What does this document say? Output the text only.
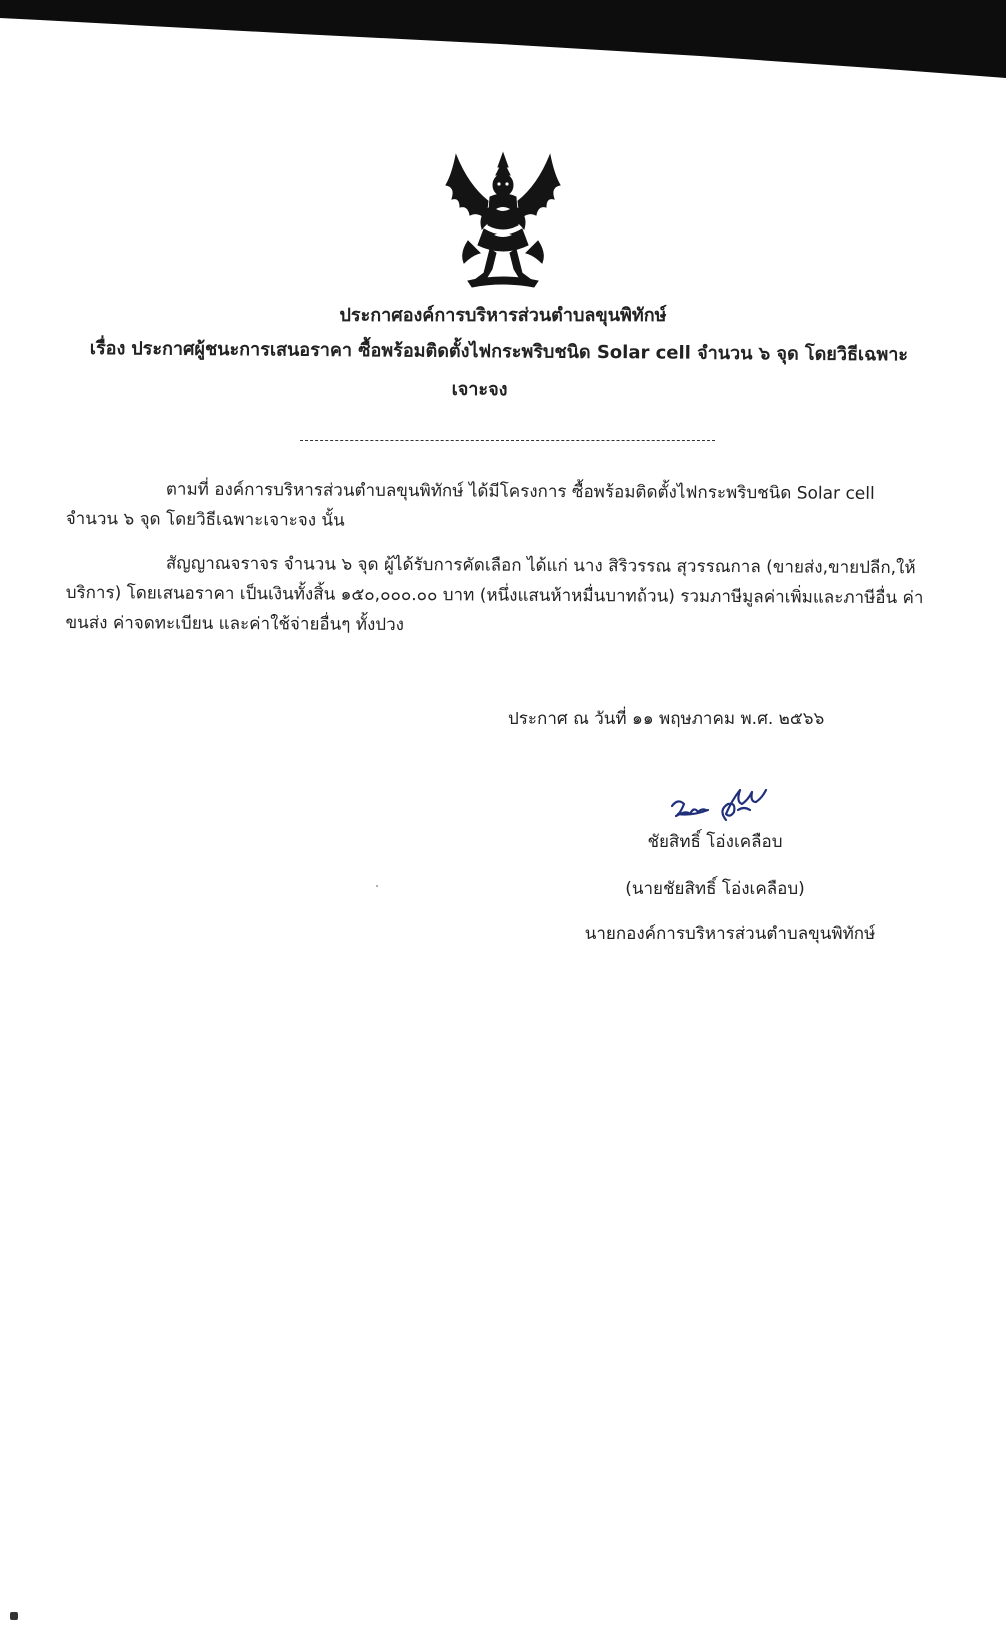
ประกาศองค์การบริหารส่วนตำบลขุนพิทักษ์
เรื่อง ประกาศผู้ชนะการเสนอราคา ซื้อพร้อมติดตั้งไฟกระพริบชนิด Solar cell จำนวน ๖ จุด โดยวิธีเฉพาะ
เจาะจง
ตามที่ องค์การบริหารส่วนตำบลขุนพิทักษ์ ได้มีโครงการ ซื้อพร้อมติดตั้งไฟกระพริบชนิด Solar cell จำนวน ๖ จุด โดยวิธีเฉพาะเจาะจง นั้น
สัญญาณจราจร จำนวน ๖ จุด ผู้ได้รับการคัดเลือก ได้แก่ นาง สิริวรรณ สุวรรณกาล (ขายส่ง,ขายปลีก,ให้บริการ) โดยเสนอราคา เป็นเงินทั้งสิ้น ๑๕๐,๐๐๐.๐๐ บาท (หนึ่งแสนห้าหมื่นบาทถ้วน) รวมภาษีมูลค่าเพิ่มและภาษีอื่น ค่าขนส่ง ค่าจดทะเบียน และค่าใช้จ่ายอื่นๆ ทั้งปวง
ประกาศ ณ วันที่ ๑๑ พฤษภาคม พ.ศ. ๒๕๖๖
ชัยสิทธิ์ โอ่งเคลือบ
(นายชัยสิทธิ์ โอ่งเคลือบ)
นายกองค์การบริหารส่วนตำบลขุนพิทักษ์
